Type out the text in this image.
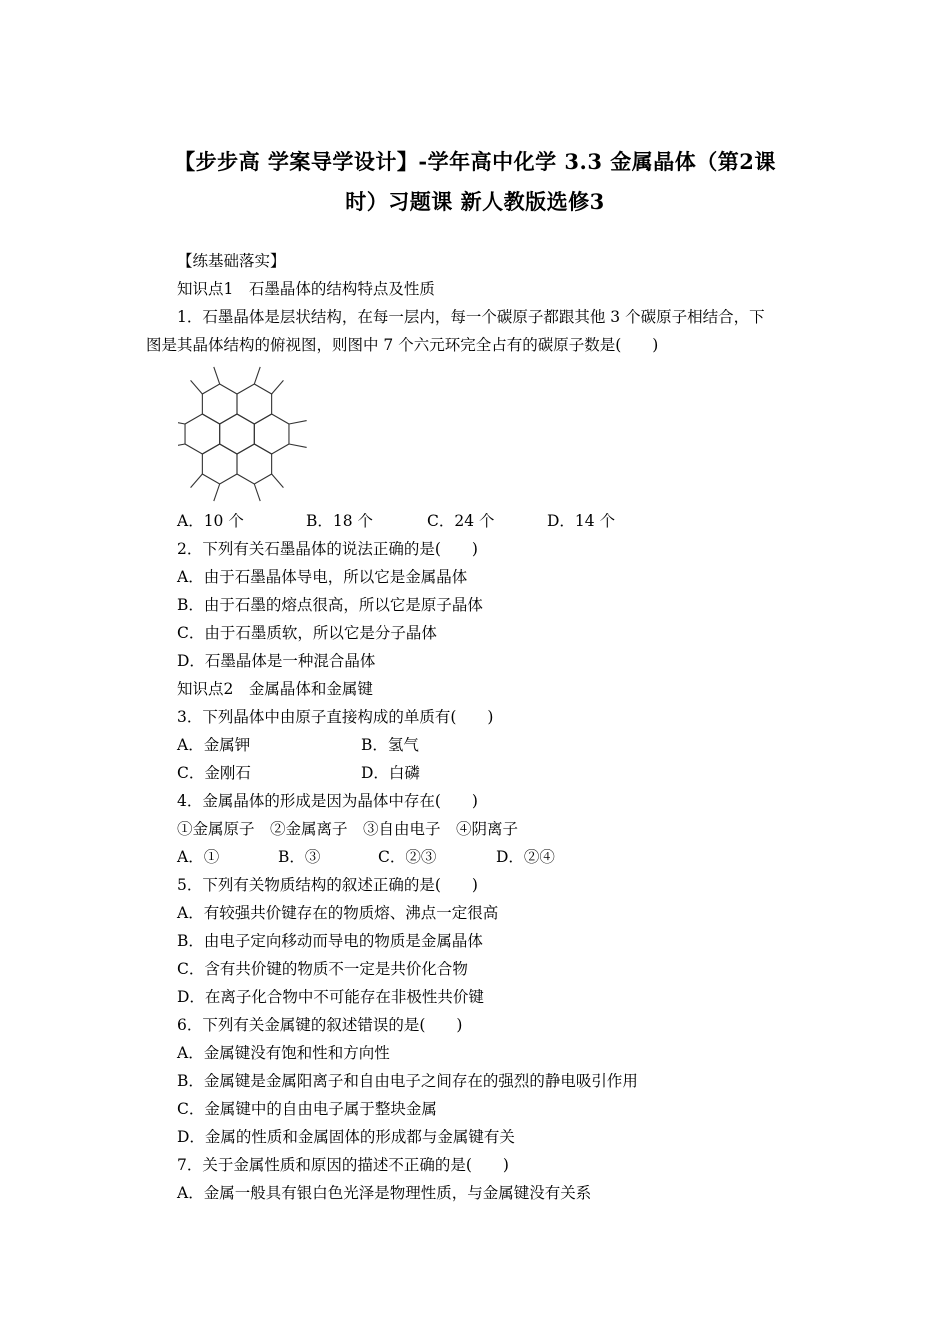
【步步高 学案导学设计】-学年高中化学 3.3 金属晶体（第2课
时）习题课 新人教版选修3
【练基础落实】
知识点1　石墨晶体的结构特点及性质
1．石墨晶体是层状结构，在每一层内，每一个碳原子都跟其他 3 个碳原子相结合，下
图是其晶体结构的俯视图，则图中 7 个六元环完全占有的碳原子数是(　　)
A．10 个	B．18 个	C．24 个	D．14 个
2．下列有关石墨晶体的说法正确的是(　　)
A．由于石墨晶体导电，所以它是金属晶体
B．由于石墨的熔点很高，所以它是原子晶体
C．由于石墨质软，所以它是分子晶体
D．石墨晶体是一种混合晶体
知识点2　金属晶体和金属键
3．下列晶体中由原子直接构成的单质有(　　)
A．金属钾	B．氢气
C．金刚石	D．白磷
4．金属晶体的形成是因为晶体中存在(　　)
①金属原子　②金属离子　③自由电子　④阴离子
A．①	B．③	C．②③	D．②④
5．下列有关物质结构的叙述正确的是(　　)
A．有较强共价键存在的物质熔、沸点一定很高
B．由电子定向移动而导电的物质是金属晶体
C．含有共价键的物质不一定是共价化合物
D．在离子化合物中不可能存在非极性共价键
6．下列有关金属键的叙述错误的是(　　)
A．金属键没有饱和性和方向性
B．金属键是金属阳离子和自由电子之间存在的强烈的静电吸引作用
C．金属键中的自由电子属于整块金属
D．金属的性质和金属固体的形成都与金属键有关
7．关于金属性质和原因的描述不正确的是(　　)
A．金属一般具有银白色光泽是物理性质，与金属键没有关系
